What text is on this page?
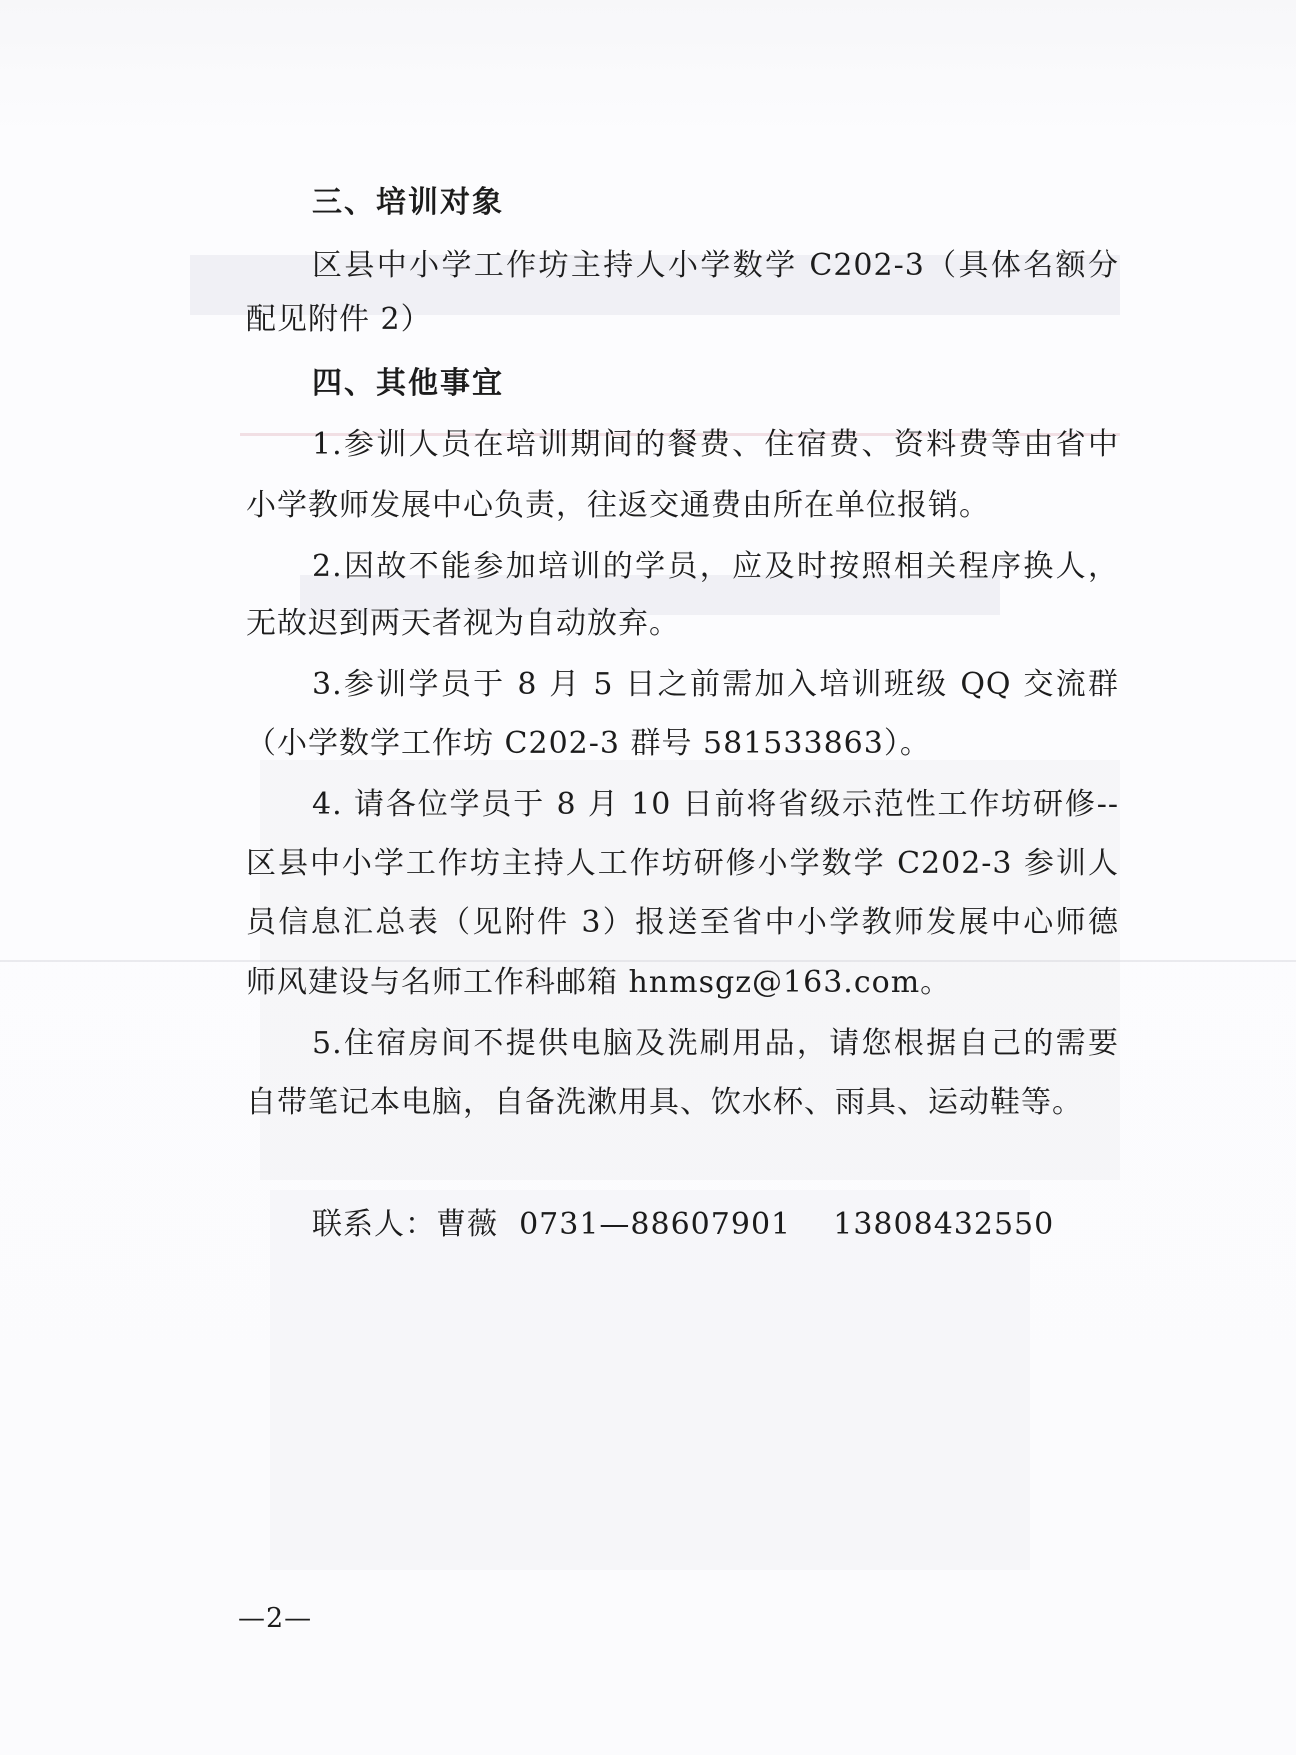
三、培训对象
区县中小学工作坊主持人小学数学 C202-3（具体名额分
配见附件 2）
四、其他事宜
1.参训人员在培训期间的餐费、住宿费、资料费等由省中
小学教师发展中心负责，往返交通费由所在单位报销。
2.因故不能参加培训的学员，应及时按照相关程序换人，
无故迟到两天者视为自动放弃。
3.参训学员于 8 月 5 日之前需加入培训班级 QQ 交流群
（小学数学工作坊 C202-3 群号 581533863）。
4. 请各位学员于 8 月 10 日前将省级示范性工作坊研修--
区县中小学工作坊主持人工作坊研修小学数学 C202-3 参训人
员信息汇总表（见附件 3）报送至省中小学教师发展中心师德
师风建设与名师工作科邮箱 hnmsgz@163.com。
5.住宿房间不提供电脑及洗刷用品，请您根据自己的需要
自带笔记本电脑，自备洗漱用具、饮水杯、雨具、运动鞋等。
联系人：曹薇  0731—88607901    13808432550
—2—
